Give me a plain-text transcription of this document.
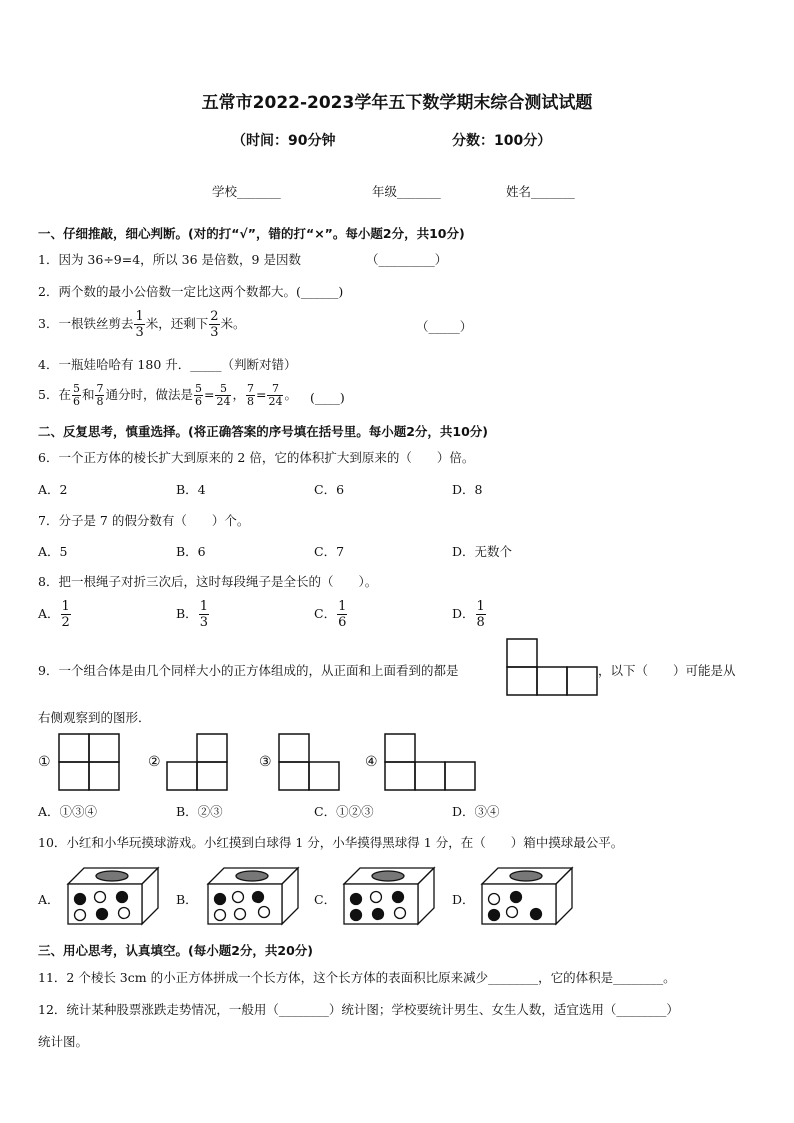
五常市2022-2023学年五下数学期末综合测试试题
（时间：90分钟	分数：100分）
学校_______	年级_______	姓名_______
一、仔细推敲，细心判断。(对的打“√”，错的打“×”。每小题2分，共10分)
1．因为 36÷9=4，所以 36 是倍数，9 是因数	（_________）
2．两个数的最小公倍数一定比这两个数都大。(______)
3．一根铁丝剪去 $\frac{1}{3}$ 米，还剩下 $\frac{2}{3}$ 米。	（_____）
4．一瓶娃哈哈有 180 升．_____（判断对错）
5．在 $\frac{5}{6}$ 和 $\frac{7}{8}$ 通分时，做法是 $\frac{5}{6} = \frac{5}{24}$ ， $\frac{7}{8} = \frac{7}{24}$ 。 (____)
二、反复思考，慎重选择。(将正确答案的序号填在括号里。每小题2分，共10分)
6．一个正方体的棱长扩大到原来的 2 倍，它的体积扩大到原来的（　　）倍。
A．2	B．4	C．6	D．8
7．分子是 7 的假分数有（　　）个。
A．5	B．6	C．7	D．无数个
8．把一根绳子对折三次后，这时每段绳子是全长的（　　）。
A． $\frac{1}{2}$	B． $\frac{1}{3}$	C． $\frac{1}{6}$	D． $\frac{1}{8}$
9．一个组合体是由几个同样大小的正方体组成的，从正面和上面看到的都是	，以下（　　）可能是从
右侧观察到的图形．
①	②	③	④
A．①③④	B．②③	C．①②③	D．③④
10．小红和小华玩摸球游戏。小红摸到白球得 1 分，小华摸得黑球得 1 分，在（　　）箱中摸球最公平。
A．	B．	C．	D．
三、用心思考，认真填空。(每小题2分，共20分)
11．2 个棱长 3cm 的小正方体拼成一个长方体，这个长方体的表面积比原来减少________，它的体积是________。
12．统计某种股票涨跌走势情况，一般用（________）统计图；学校要统计男生、女生人数，适宜选用（________）
统计图。
